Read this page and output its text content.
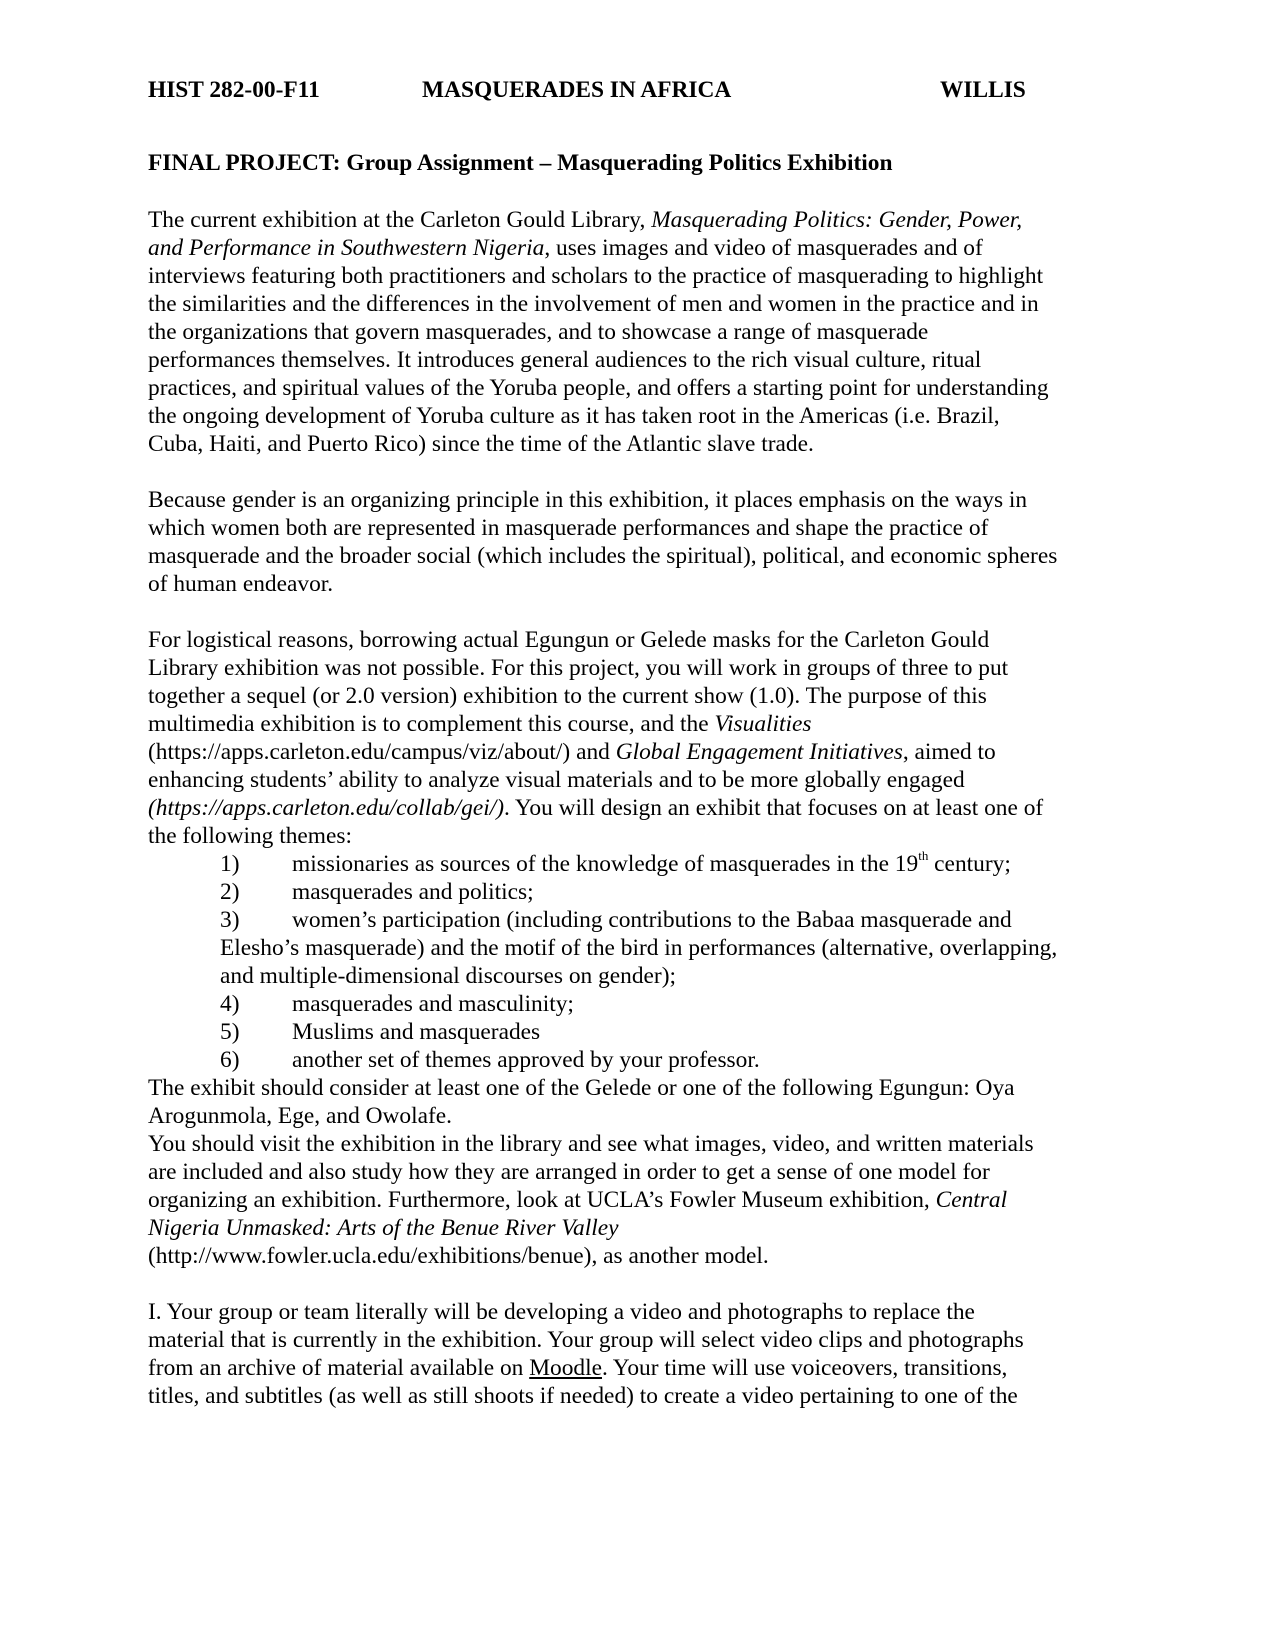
HIST 282-00-F11	MASQUERADES IN AFRICA	WILLIS
FINAL PROJECT: Group Assignment – Masquerading Politics Exhibition
The current exhibition at the Carleton Gould Library, Masquerading Politics: Gender, Power,
and Performance in Southwestern Nigeria, uses images and video of masquerades and of
interviews featuring both practitioners and scholars to the practice of masquerading to highlight
the similarities and the differences in the involvement of men and women in the practice and in
the organizations that govern masquerades, and to showcase a range of masquerade
performances themselves. It introduces general audiences to the rich visual culture, ritual
practices, and spiritual values of the Yoruba people, and offers a starting point for understanding
the ongoing development of Yoruba culture as it has taken root in the Americas (i.e. Brazil,
Cuba, Haiti, and Puerto Rico) since the time of the Atlantic slave trade.
Because gender is an organizing principle in this exhibition, it places emphasis on the ways in
which women both are represented in masquerade performances and shape the practice of
masquerade and the broader social (which includes the spiritual), political, and economic spheres
of human endeavor.
For logistical reasons, borrowing actual Egungun or Gelede masks for the Carleton Gould
Library exhibition was not possible. For this project, you will work in groups of three to put
together a sequel (or 2.0 version) exhibition to the current show (1.0). The purpose of this
multimedia exhibition is to complement this course, and the Visualities
(https://apps.carleton.edu/campus/viz/about/) and Global Engagement Initiatives, aimed to
enhancing students’ ability to analyze visual materials and to be more globally engaged
(https://apps.carleton.edu/collab/gei/). You will design an exhibit that focuses on at least one of
the following themes:
1) missionaries as sources of the knowledge of masquerades in the 19th century;
2) masquerades and politics;
3) women’s participation (including contributions to the Babaa masquerade and
Elesho’s masquerade) and the motif of the bird in performances (alternative, overlapping,
and multiple-dimensional discourses on gender);
4) masquerades and masculinity;
5) Muslims and masquerades
6) another set of themes approved by your professor.
The exhibit should consider at least one of the Gelede or one of the following Egungun: Oya
Arogunmola, Ege, and Owolafe.
You should visit the exhibition in the library and see what images, video, and written materials
are included and also study how they are arranged in order to get a sense of one model for
organizing an exhibition. Furthermore, look at UCLA’s Fowler Museum exhibition, Central
Nigeria Unmasked: Arts of the Benue River Valley
(http://www.fowler.ucla.edu/exhibitions/benue), as another model.
I. Your group or team literally will be developing a video and photographs to replace the
material that is currently in the exhibition. Your group will select video clips and photographs
from an archive of material available on Moodle. Your time will use voiceovers, transitions,
titles, and subtitles (as well as still shoots if needed) to create a video pertaining to one of the
